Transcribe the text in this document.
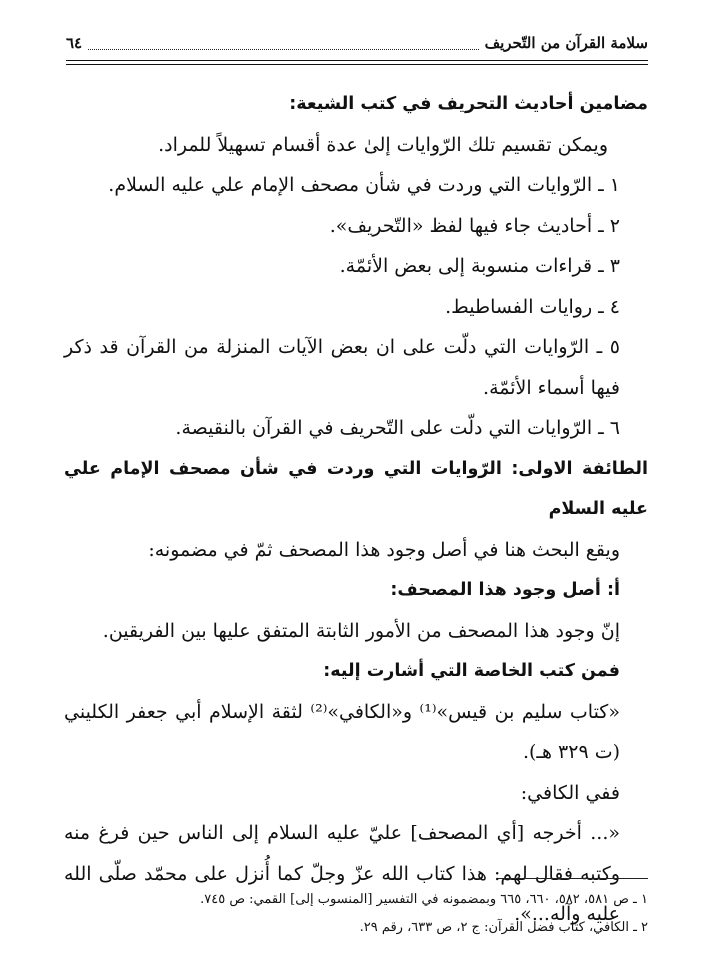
سلامة القرآن من التّحريف
٦٤

مضامين أحاديث التحريف في كتب الشيعة:

ويمكن تقسيم تلك الرّوايات إلىٰ عدة أقسام تسهيلاً للمراد.

١ ـ الرّوايات التي وردت في شأن مصحف الإمام علي عليه السلام.

٢ ـ أحاديث جاء فيها لفظ «التّحريف».

٣ ـ قراءات منسوبة إلى بعض الأئمّة.

٤ ـ روايات الفساطيط.

٥ ـ الرّوايات التي دلّت على ان بعض الآيات المنزلة من القرآن قد ذكر فيها أسماء الأئمّة.

٦ ـ الرّوايات التي دلّت على التّحريف في القرآن بالنقيصة.

الطائفة الاولى: الرّوايات التي وردت في شأن مصحف الإمام علي عليه السلام

ويقع البحث هنا في أصل وجود هذا المصحف ثمّ في مضمونه:

أ: أصل وجود هذا المصحف:

إنّ وجود هذا المصحف من الأمور الثابتة المتفق عليها بين الفريقين.

فمن كتب الخاصة التي أشارت إليه:

«كتاب سليم بن قيس»⁽¹⁾ و«الكافي»⁽²⁾ لثقة الإسلام أبي جعفر الكليني (ت ٣٢٩ هـ).

ففي الكافي:

«... أخرجه [أي المصحف] عليّ عليه السلام إلى الناس حين فرغ منه وكتبه فقال لهم: هذا كتاب الله عزّ وجلّ كما أُنزل على محمّد صلّى الله عليه وآله...».

١ ـ ص ٥٨١، ٥٨٢، ٦٦٠، ٦٦٥ وبمضمونه في التفسير [المنسوب إلى] القمي: ص ٧٤٥.

٢ ـ الكافي، كتاب فضل القرآن: ج ٢، ص ٦٣٣، رقم ٢٩.
